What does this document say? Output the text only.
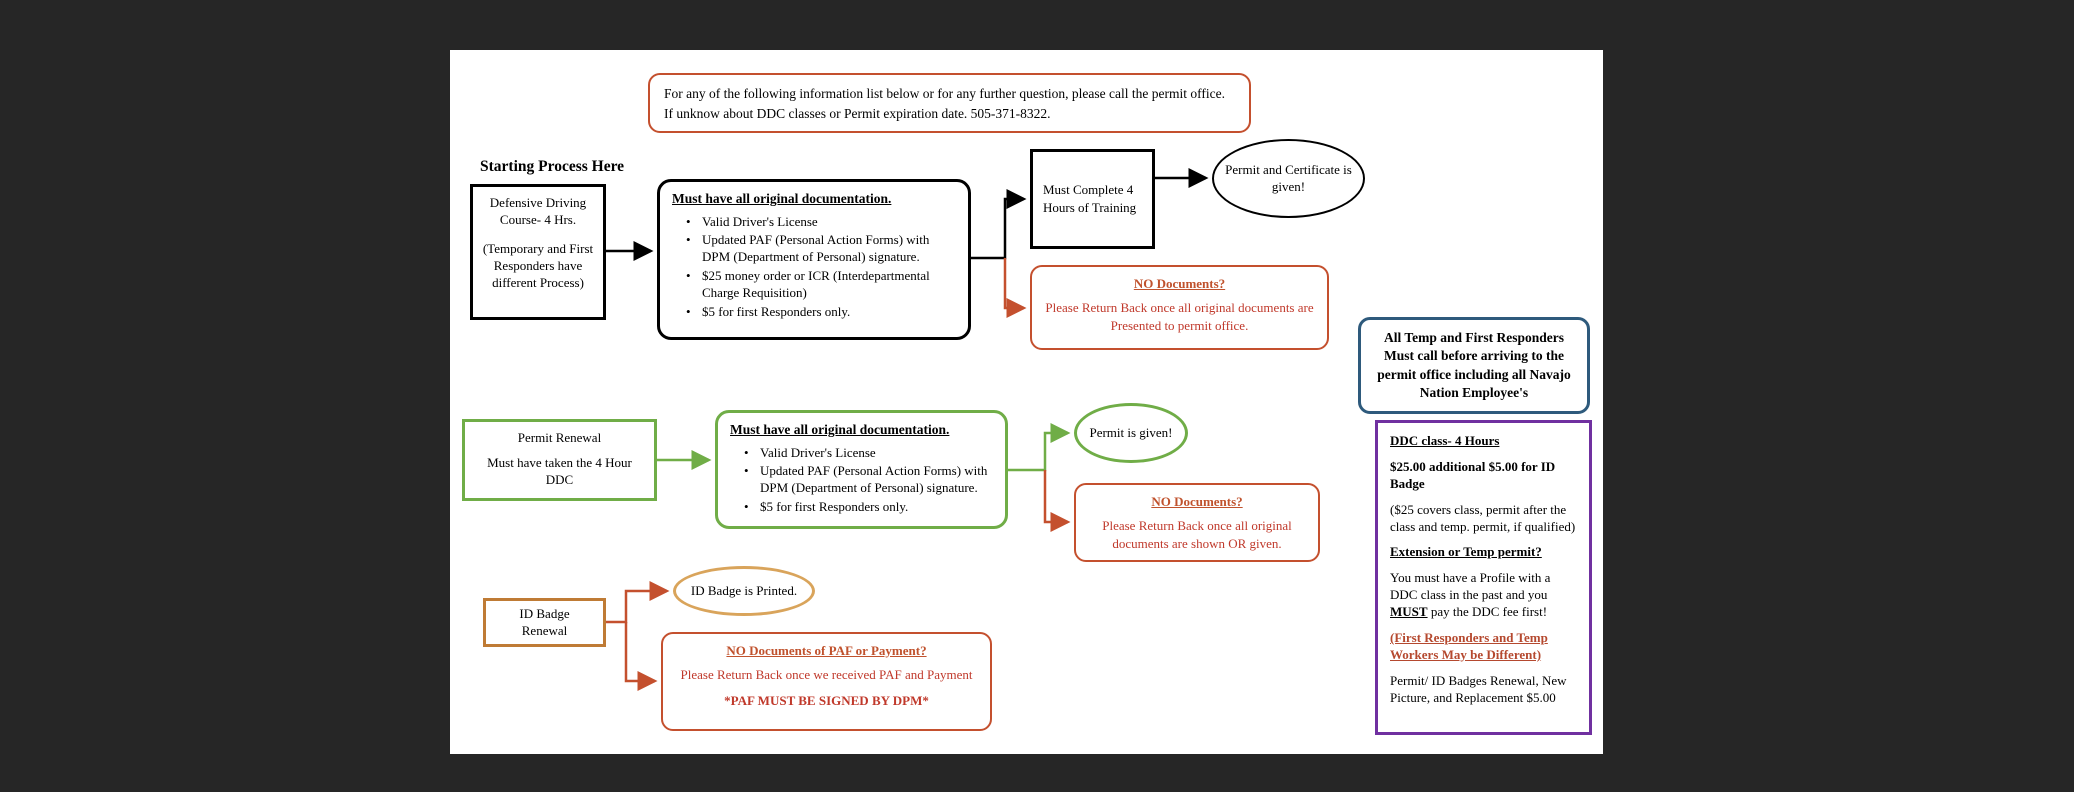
For any of the following information list below or for any further question, please call the permit office.
If unknow about DDC classes or Permit expiration date. 505-371-8322.
Starting Process Here
Defensive Driving Course- 4 Hrs.
(Temporary and First Responders have different Process)
Must have all original documentation.
• Valid Driver's License
• Updated PAF (Personal Action Forms) with DPM (Department of Personal) signature.
• $25 money order or ICR (Interdepartmental Charge Requisition)
• $5 for first Responders only.
Must Complete 4 Hours of Training
Permit and Certificate is given!
NO Documents?
Please Return Back once all original documents are Presented to permit office.
Permit Renewal
Must have taken the 4 Hour DDC
Must have all original documentation.
• Valid Driver's License
• Updated PAF (Personal Action Forms) with DPM (Department of Personal) signature.
• $5 for first Responders only.
Permit is given!
NO Documents?
Please Return Back once all original documents are shown OR given.
ID Badge Renewal
ID Badge is Printed.
NO Documents of PAF or Payment?
Please Return Back once we received PAF and Payment
*PAF MUST BE SIGNED BY DPM*
All Temp and First Responders Must call before arriving to the permit office including all Navajo Nation Employee's
DDC class- 4 Hours
$25.00 additional $5.00 for ID Badge
($25 covers class, permit after the class and temp. permit, if qualified)
Extension or Temp permit?
You must have a Profile with a DDC class in the past and you MUST pay the DDC fee first!
(First Responders and Temp Workers May be Different)
Permit/ ID Badges Renewal, New Picture, and Replacement $5.00
